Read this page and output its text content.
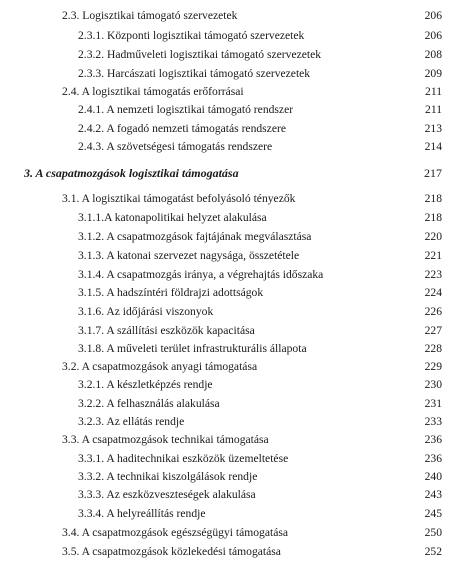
2.3. Logisztikai támogató szervezetek	206
2.3.1. Központi logisztikai támogató szervezetek	206
2.3.2. Hadműveleti logisztikai támogató szervezetek	208
2.3.3. Harcászati logisztikai támogató szervezetek	209
2.4. A logisztikai támogatás erőforrásai	211
2.4.1. A nemzeti logisztikai támogató rendszer	211
2.4.2. A fogadó nemzeti támogatás rendszere	213
2.4.3. A szövetségesi támogatás rendszere	214
3. A csapatmozgások logisztikai támogatása	217
3.1. A logisztikai támogatást befolyásoló tényezők	218
3.1.1.A katonapolitikai helyzet alakulása	218
3.1.2. A csapatmozgások fajtájának megválasztása	220
3.1.3. A katonai szervezet nagysága, összetétele	221
3.1.4. A csapatmozgás iránya, a végrehajtás időszaka	223
3.1.5. A hadszíntéri földrajzi adottságok	224
3.1.6. Az időjárási viszonyok	226
3.1.7. A szállítási eszközök kapacitása	227
3.1.8. A műveleti terület infrastrukturális állapota	228
3.2. A csapatmozgások anyagi támogatása	229
3.2.1. A készletképzés rendje	230
3.2.2. A felhasználás alakulása	231
3.2.3. Az ellátás rendje	233
3.3. A csapatmozgások technikai támogatása	236
3.3.1. A haditechnikai eszközök üzemeltetése	236
3.3.2. A technikai kiszolgálások rendje	240
3.3.3. Az eszközveszteségek alakulása	243
3.3.4. A helyreállítás rendje	245
3.4. A csapatmozgások egészségügyi támogatása	250
3.5. A csapatmozgások közlekedési támogatása	252
